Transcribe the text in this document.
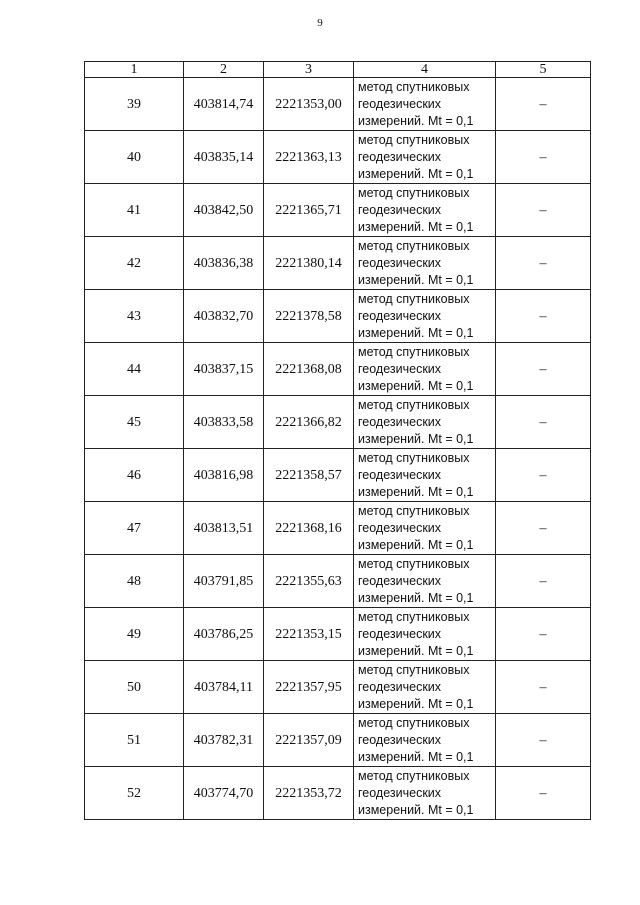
9
1	2	3	4	5
39	403814,74	2221353,00	метод спутниковых
геодезических
измерений. Mt = 0,1	–
40	403835,14	2221363,13	метод спутниковых
геодезических
измерений. Mt = 0,1	–
41	403842,50	2221365,71	метод спутниковых
геодезических
измерений. Mt = 0,1	–
42	403836,38	2221380,14	метод спутниковых
геодезических
измерений. Mt = 0,1	–
43	403832,70	2221378,58	метод спутниковых
геодезических
измерений. Mt = 0,1	–
44	403837,15	2221368,08	метод спутниковых
геодезических
измерений. Mt = 0,1	–
45	403833,58	2221366,82	метод спутниковых
геодезических
измерений. Mt = 0,1	–
46	403816,98	2221358,57	метод спутниковых
геодезических
измерений. Mt = 0,1	–
47	403813,51	2221368,16	метод спутниковых
геодезических
измерений. Mt = 0,1	–
48	403791,85	2221355,63	метод спутниковых
геодезических
измерений. Mt = 0,1	–
49	403786,25	2221353,15	метод спутниковых
геодезических
измерений. Mt = 0,1	–
50	403784,11	2221357,95	метод спутниковых
геодезических
измерений. Mt = 0,1	–
51	403782,31	2221357,09	метод спутниковых
геодезических
измерений. Mt = 0,1	–
52	403774,70	2221353,72	метод спутниковых
геодезических
измерений. Mt = 0,1	–
